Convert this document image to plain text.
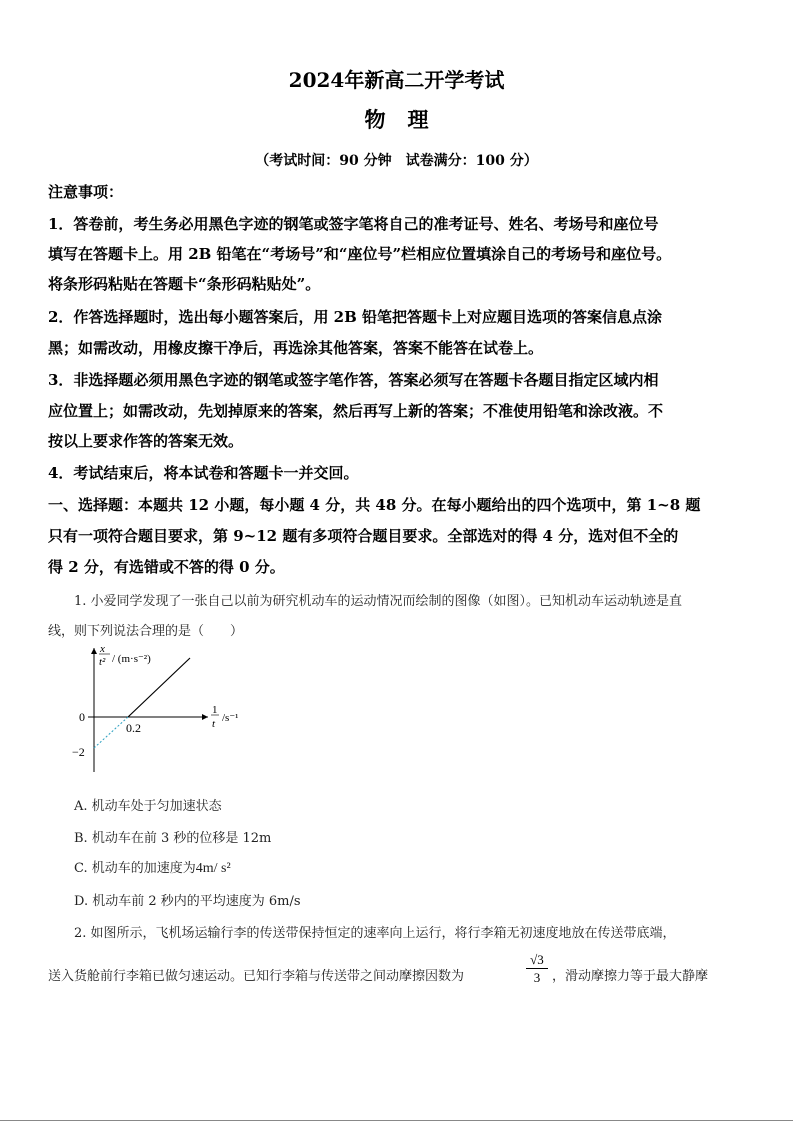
2024年新高二开学考试
物理
（考试时间：90 分钟　试卷满分：100 分）
注意事项：
1．答卷前，考生务必用黑色字迹的钢笔或签字笔将自己的准考证号、姓名、考场号和座位号
填写在答题卡上。用 2B 铅笔在“考场号”和“座位号”栏相应位置填涂自己的考场号和座位号。
将条形码粘贴在答题卡“条形码粘贴处”。
2．作答选择题时，选出每小题答案后，用 2B 铅笔把答题卡上对应题目选项的答案信息点涂
黑；如需改动，用橡皮擦干净后，再选涂其他答案，答案不能答在试卷上。
3．非选择题必须用黑色字迹的钢笔或签字笔作答，答案必须写在答题卡各题目指定区域内相
应位置上；如需改动，先划掉原来的答案，然后再写上新的答案；不准使用铅笔和涂改液。不
按以上要求作答的答案无效。
4．考试结束后，将本试卷和答题卡一并交回。
一、选择题：本题共 12 小题，每小题 4 分，共 48 分。在每小题给出的四个选项中，第 1~8 题
只有一项符合题目要求，第 9~12 题有多项符合题目要求。全部选对的得 4 分，选对但不全的
得 2 分，有选错或不答的得 0 分。
1. 小爱同学发现了一张自己以前为研究机动车的运动情况而绘制的图像（如图）。已知机动车运动轨迹是直
线，则下列说法合理的是（　　）
x
t² / (m·s⁻²)
1
t /s⁻¹
0
0.2
−2
A. 机动车处于匀加速状态
B. 机动车在前 3 秒的位移是 12m
C. 机动车的加速度为4m/ s²
D. 机动车前 2 秒内的平均速度为 6m/s
2. 如图所示，飞机场运输行李的传送带保持恒定的速率向上运行，将行李箱无初速度地放在传送带底端，
送入货舱前行李箱已做匀速运动。已知行李箱与传送带之间动摩擦因数为	$\frac{√3}{3}$ ，滑动摩擦力等于最大静摩
